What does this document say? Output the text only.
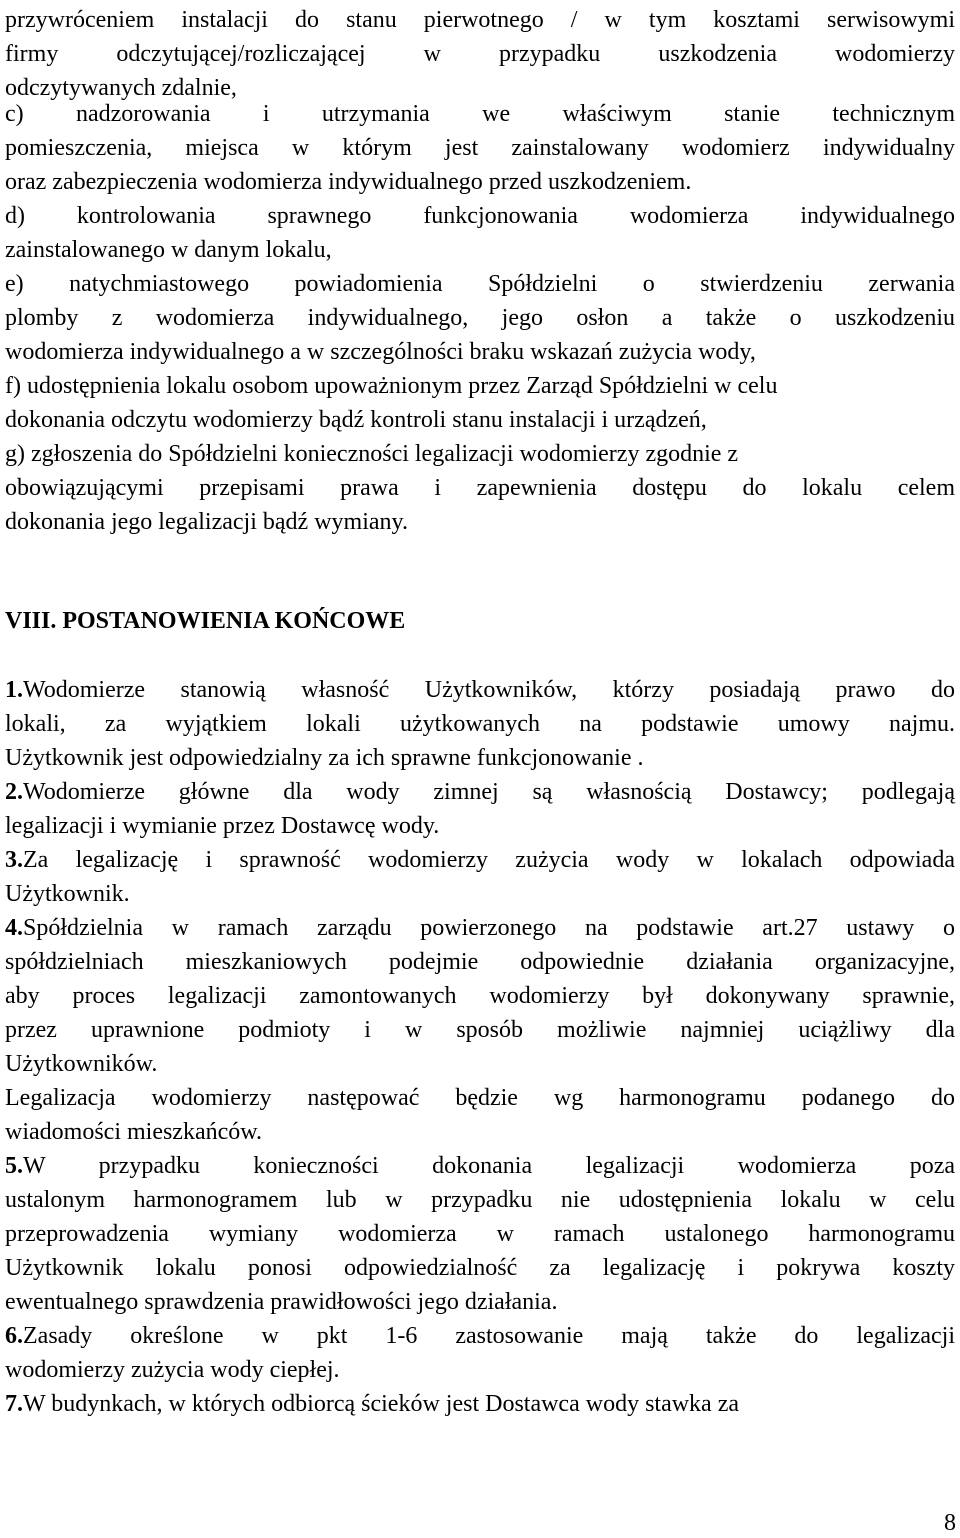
przywróceniem instalacji do stanu pierwotnego / w tym kosztami serwisowymi
firmy odczytującej/rozliczającej w przypadku uszkodzenia wodomierzy
odczytywanych zdalnie,
c) nadzorowania i utrzymania we właściwym stanie technicznym
pomieszczenia, miejsca w którym jest zainstalowany wodomierz indywidualny
oraz zabezpieczenia wodomierza indywidualnego przed uszkodzeniem.
d) kontrolowania sprawnego funkcjonowania wodomierza indywidualnego
zainstalowanego w danym lokalu,
e) natychmiastowego powiadomienia Spółdzielni o stwierdzeniu zerwania
plomby z wodomierza indywidualnego, jego osłon a także o uszkodzeniu
wodomierza indywidualnego a w szczególności braku wskazań zużycia wody,
f) udostępnienia lokalu osobom upoważnionym przez Zarząd Spółdzielni w celu
dokonania odczytu wodomierzy bądź kontroli stanu instalacji i urządzeń,
g) zgłoszenia do Spółdzielni konieczności legalizacji wodomierzy zgodnie z
obowiązującymi przepisami prawa i zapewnienia dostępu do lokalu celem
dokonania jego legalizacji bądź wymiany.
VIII. POSTANOWIENIA KOŃCOWE
1.Wodomierze stanowią własność Użytkowników, którzy posiadają prawo do
lokali, za wyjątkiem lokali użytkowanych na podstawie umowy najmu.
Użytkownik jest odpowiedzialny za ich sprawne funkcjonowanie .
2.Wodomierze główne dla wody zimnej są własnością Dostawcy; podlegają
legalizacji i wymianie przez Dostawcę wody.
3.Za legalizację i sprawność wodomierzy zużycia wody w lokalach odpowiada
Użytkownik.
4.Spółdzielnia w ramach zarządu powierzonego na podstawie art.27 ustawy o
spółdzielniach mieszkaniowych podejmie odpowiednie działania organizacyjne,
aby proces legalizacji zamontowanych wodomierzy był dokonywany sprawnie,
przez uprawnione podmioty i w sposób możliwie najmniej uciążliwy dla
Użytkowników.
Legalizacja wodomierzy następować będzie wg harmonogramu podanego do
wiadomości mieszkańców.
5.W przypadku konieczności dokonania legalizacji wodomierza poza
ustalonym harmonogramem lub w przypadku nie udostępnienia lokalu w celu
przeprowadzenia wymiany wodomierza w ramach ustalonego harmonogramu
Użytkownik lokalu ponosi odpowiedzialność za legalizację i pokrywa koszty
ewentualnego sprawdzenia prawidłowości jego działania.
6.Zasady określone w pkt 1-6 zastosowanie mają także do legalizacji
wodomierzy zużycia wody ciepłej.
7.W budynkach, w których odbiorcą ścieków jest Dostawca wody stawka za
8
